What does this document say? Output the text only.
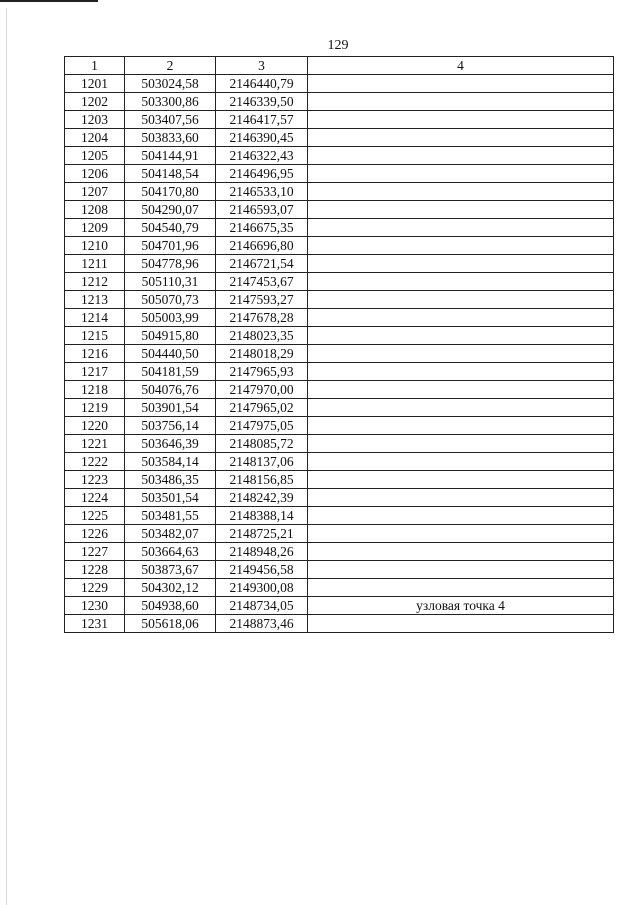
129
1	2	3	4
1201	503024,58	2146440,79	
1202	503300,86	2146339,50	
1203	503407,56	2146417,57	
1204	503833,60	2146390,45	
1205	504144,91	2146322,43	
1206	504148,54	2146496,95	
1207	504170,80	2146533,10	
1208	504290,07	2146593,07	
1209	504540,79	2146675,35	
1210	504701,96	2146696,80	
1211	504778,96	2146721,54	
1212	505110,31	2147453,67	
1213	505070,73	2147593,27	
1214	505003,99	2147678,28	
1215	504915,80	2148023,35	
1216	504440,50	2148018,29	
1217	504181,59	2147965,93	
1218	504076,76	2147970,00	
1219	503901,54	2147965,02	
1220	503756,14	2147975,05	
1221	503646,39	2148085,72	
1222	503584,14	2148137,06	
1223	503486,35	2148156,85	
1224	503501,54	2148242,39	
1225	503481,55	2148388,14	
1226	503482,07	2148725,21	
1227	503664,63	2148948,26	
1228	503873,67	2149456,58	
1229	504302,12	2149300,08	
1230	504938,60	2148734,05	узловая точка 4
1231	505618,06	2148873,46	
